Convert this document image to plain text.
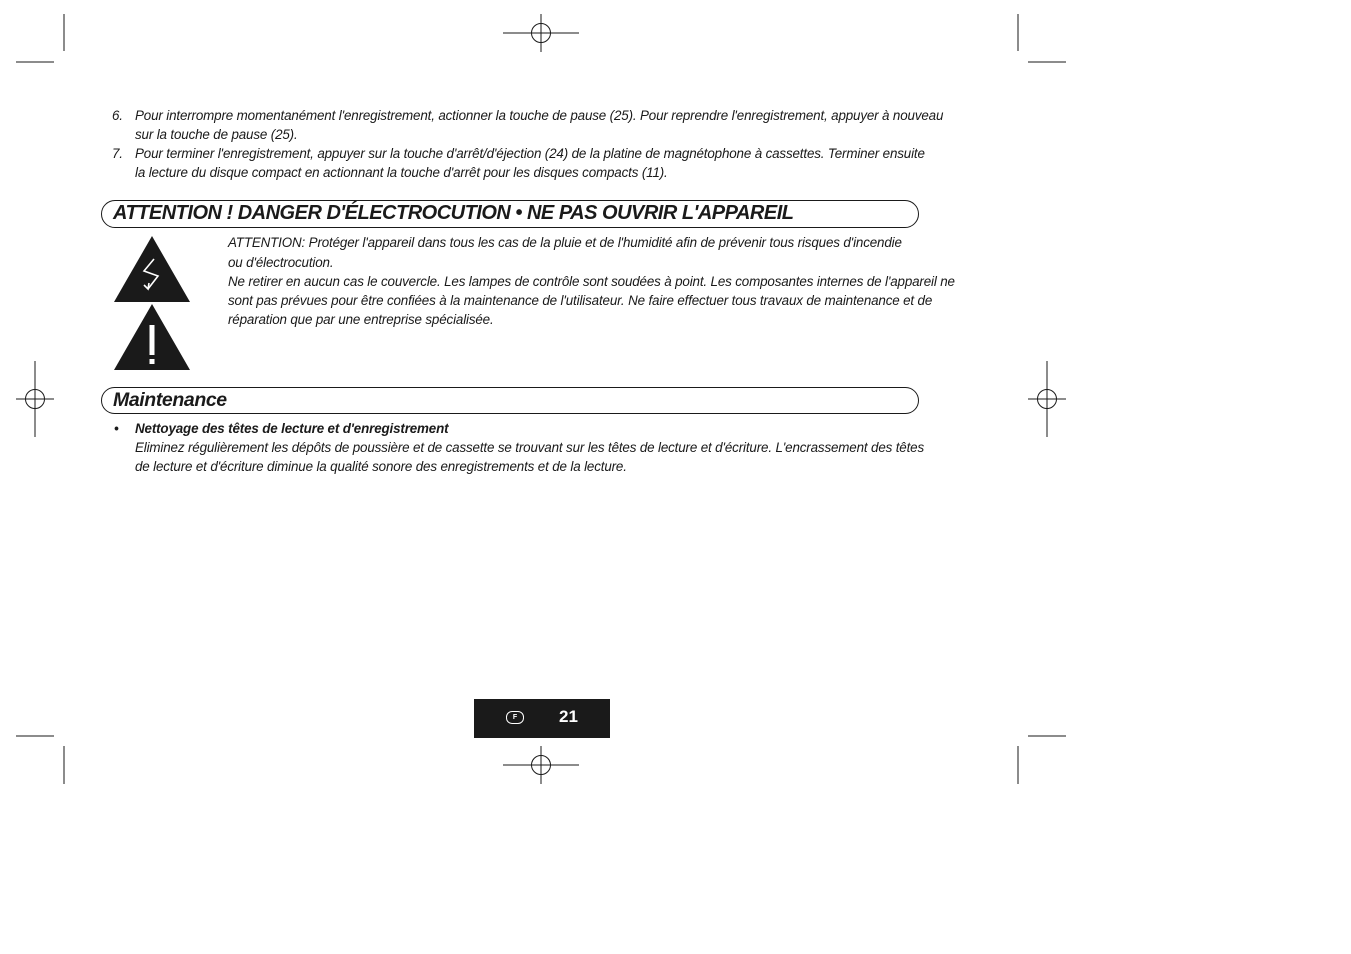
6. Pour interrompre momentanément l'enregistrement, actionner la touche de pause (25). Pour reprendre l'enregistrement, appuyer à nouveau
sur la touche de pause (25).
7. Pour terminer l'enregistrement, appuyer sur la touche d'arrêt/d'éjection (24) de la platine de magnétophone à cassettes. Terminer ensuite
la lecture du disque compact en actionnant la touche d'arrêt pour les disques compacts (11).
ATTENTION ! DANGER D'ÉLECTROCUTION • NE PAS OUVRIR L'APPAREIL
ATTENTION: Protéger l'appareil dans tous les cas de la pluie et de l'humidité afin de prévenir tous risques d'incendie
ou d'électrocution.
Ne retirer en aucun cas le couvercle. Les lampes de contrôle sont soudées à point. Les composantes internes de l'appareil ne
sont pas prévues pour être confiées à la maintenance de l'utilisateur. Ne faire effectuer tous travaux de maintenance et de
réparation que par une entreprise spécialisée.
Maintenance
• Nettoyage des têtes de lecture et d'enregistrement
Eliminez régulièrement les dépôts de poussière et de cassette se trouvant sur les têtes de lecture et d'écriture. L'encrassement des têtes
de lecture et d'écriture diminue la qualité sonore des enregistrements et de la lecture.
F	21
